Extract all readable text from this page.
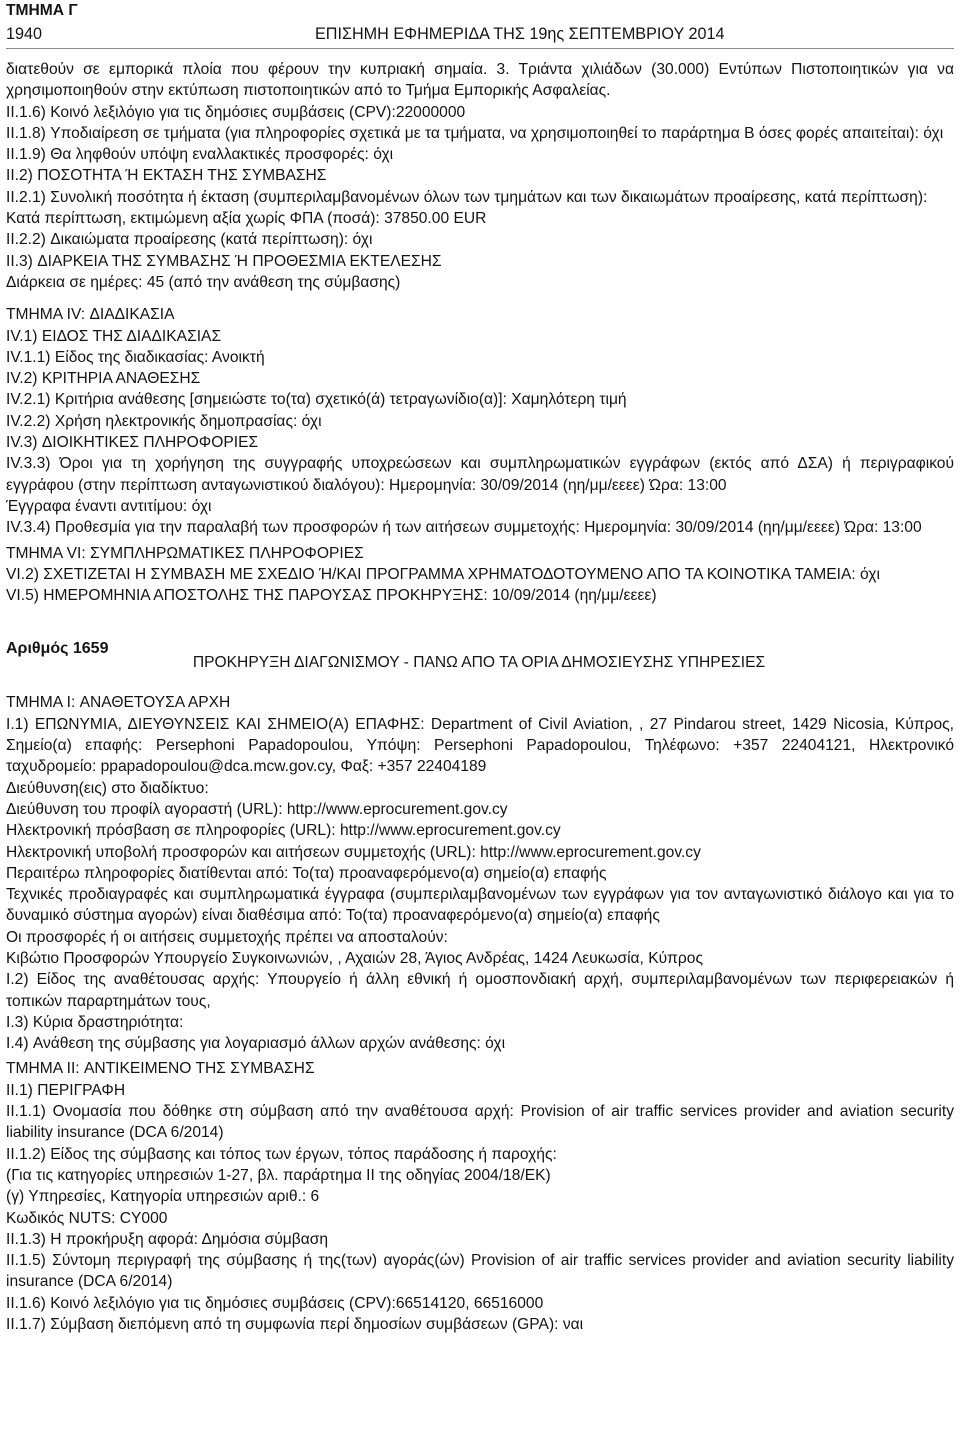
ΤΜΗΜΑ Γ
1940	ΕΠΙΣΗΜΗ ΕΦΗΜΕΡΙΔΑ ΤΗΣ 19ης ΣΕΠΤΕΜΒΡΙΟΥ 2014

διατεθούν σε εμπορικά πλοία που φέρουν την κυπριακή σημαία. 3. Τριάντα χιλιάδων (30.000) Εντύπων Πιστοποιητικών για να χρησιμοποιηθούν στην εκτύπωση πιστοποιητικών από το Τμήμα Εμπορικής Ασφαλείας.

II.1.6) Κοινό λεξιλόγιο για τις δημόσιες συμβάσεις (CPV):22000000

II.1.8) Υποδιαίρεση σε τμήματα (για πληροφορίες σχετικά με τα τμήματα, να χρησιμοποιηθεί το παράρτημα Β όσες φορές απαιτείται): όχι

II.1.9) Θα ληφθούν υπόψη εναλλακτικές προσφορές: όχι

II.2) ΠΟΣΟΤΗΤΑ Ή ΕΚΤΑΣΗ ΤΗΣ ΣΥΜΒΑΣΗΣ

II.2.1) Συνολική ποσότητα ή έκταση (συμπεριλαμβανομένων όλων των τμημάτων και των δικαιωμάτων προαίρεσης, κατά περίπτωση):

Κατά περίπτωση, εκτιμώμενη αξία χωρίς ΦΠΑ (ποσά): 37850.00 EUR

II.2.2) Δικαιώματα προαίρεσης (κατά περίπτωση): όχι

II.3) ΔΙΑΡΚΕΙΑ ΤΗΣ ΣΥΜΒΑΣΗΣ Ή ΠΡΟΘΕΣΜΙΑ ΕΚΤΕΛΕΣΗΣ

Διάρκεια σε ημέρες: 45 (από την ανάθεση της σύμβασης)

ΤΜΗΜΑ IV: ΔΙΑΔΙΚΑΣΙΑ

IV.1) ΕΙΔΟΣ ΤΗΣ ΔΙΑΔΙΚΑΣΙΑΣ

IV.1.1) Είδος της διαδικασίας: Ανοικτή

IV.2) ΚΡΙΤΗΡΙΑ ΑΝΑΘΕΣΗΣ

IV.2.1) Κριτήρια ανάθεσης [σημειώστε το(τα) σχετικό(ά) τετραγωνίδιο(α)]: Χαμηλότερη τιμή

IV.2.2) Χρήση ηλεκτρονικής δημοπρασίας: όχι

IV.3) ΔΙΟΙΚΗΤΙΚΕΣ ΠΛΗΡΟΦΟΡΙΕΣ

IV.3.3) Όροι για τη χορήγηση της συγγραφής υποχρεώσεων και συμπληρωματικών εγγράφων (εκτός από ΔΣΑ) ή περιγραφικού εγγράφου (στην περίπτωση ανταγωνιστικού διαλόγου): Ημερομηνία: 30/09/2014 (ηη/μμ/εεεε) Ώρα: 13:00

Έγγραφα έναντι αντιτίμου: όχι

IV.3.4) Προθεσμία για την παραλαβή των προσφορών ή των αιτήσεων συμμετοχής: Ημερομηνία: 30/09/2014 (ηη/μμ/εεεε) Ώρα: 13:00

ΤΜΗΜΑ VI: ΣΥΜΠΛΗΡΩΜΑΤΙΚΕΣ ΠΛΗΡΟΦΟΡΙΕΣ

VI.2) ΣΧΕΤΙΖΕΤΑΙ Η ΣΥΜΒΑΣΗ ΜΕ ΣΧΕΔΙΟ Ή/ΚΑΙ ΠΡΟΓΡΑΜΜΑ ΧΡΗΜΑΤΟΔΟΤΟΥΜΕΝΟ ΑΠΟ ΤΑ ΚΟΙΝΟΤΙΚΑ ΤΑΜΕΙΑ: όχι

VI.5) ΗΜΕΡΟΜΗΝΙΑ ΑΠΟΣΤΟΛΗΣ ΤΗΣ ΠΑΡΟΥΣΑΣ ΠΡΟΚΗΡΥΞΗΣ: 10/09/2014 (ηη/μμ/εεεε)

Αριθμός 1659
ΠΡΟΚΗΡΥΞΗ ΔΙΑΓΩΝΙΣΜΟΥ - ΠΑΝΩ ΑΠΟ ΤΑ ΟΡΙΑ ΔΗΜΟΣΙΕΥΣΗΣ ΥΠΗΡΕΣΙΕΣ

ΤΜΗΜΑ I: ΑΝΑΘΕΤΟΥΣΑ ΑΡΧΗ

I.1) ΕΠΩΝΥΜΙΑ, ΔΙΕΥΘΥΝΣΕΙΣ ΚΑΙ ΣΗΜΕΙΟ(Α) ΕΠΑΦΗΣ: Department of Civil Aviation, , 27 Pindarou street, 1429 Nicosia, Κύπρος, Σημείο(α) επαφής: Persephoni Papadopoulou, Υπόψη: Persephoni Papadopoulou, Τηλέφωνο: +357 22404121, Ηλεκτρονικό ταχυδρομείο: ppapadopoulou@dca.mcw.gov.cy, Φαξ: +357 22404189

Διεύθυνση(εις) στο διαδίκτυο:

Διεύθυνση του προφίλ αγοραστή (URL): http://www.eprocurement.gov.cy

Ηλεκτρονική πρόσβαση σε πληροφορίες (URL): http://www.eprocurement.gov.cy

Ηλεκτρονική υποβολή προσφορών και αιτήσεων συμμετοχής (URL): http://www.eprocurement.gov.cy

Περαιτέρω πληροφορίες διατίθενται από: Το(τα) προαναφερόμενο(α) σημείο(α) επαφής

Τεχνικές προδιαγραφές και συμπληρωματικά έγγραφα (συμπεριλαμβανομένων των εγγράφων για τον ανταγωνιστικό διάλογο και για το δυναμικό σύστημα αγορών) είναι διαθέσιμα από: Το(τα) προαναφερόμενο(α) σημείο(α) επαφής

Οι προσφορές ή οι αιτήσεις συμμετοχής πρέπει να αποσταλούν:

Κιβώτιο Προσφορών Υπουργείο Συγκοινωνιών, , Αχαιών 28, Άγιος Ανδρέας, 1424 Λευκωσία, Κύπρος

I.2) Είδος της αναθέτουσας αρχής: Υπουργείο ή άλλη εθνική ή ομοσπονδιακή αρχή, συμπεριλαμβανομένων των περιφερειακών ή τοπικών παραρτημάτων τους,

I.3) Κύρια δραστηριότητα:

I.4) Ανάθεση της σύμβασης για λογαριασμό άλλων αρχών ανάθεσης: όχι

ΤΜΗΜΑ II: ΑΝΤΙΚΕΙΜΕΝΟ ΤΗΣ ΣΥΜΒΑΣΗΣ

II.1) ΠΕΡΙΓΡΑΦΗ

II.1.1) Ονομασία που δόθηκε στη σύμβαση από την αναθέτουσα αρχή: Provision of air traffic services provider and aviation security liability insurance (DCA 6/2014)

II.1.2) Είδος της σύμβασης και τόπος των έργων, τόπος παράδοσης ή παροχής:

(Για τις κατηγορίες υπηρεσιών 1-27, βλ. παράρτημα II της οδηγίας 2004/18/ΕΚ)

(γ) Υπηρεσίες, Κατηγορία υπηρεσιών αριθ.: 6

Κωδικός NUTS: CY000

II.1.3) Η προκήρυξη αφορά: Δημόσια σύμβαση

II.1.5) Σύντομη περιγραφή της σύμβασης ή της(των) αγοράς(ών) Provision of air traffic services provider and aviation security liability insurance (DCA 6/2014)

II.1.6) Κοινό λεξιλόγιο για τις δημόσιες συμβάσεις (CPV):66514120, 66516000

II.1.7) Σύμβαση διεπόμενη από τη συμφωνία περί δημοσίων συμβάσεων (GPA): ναι
